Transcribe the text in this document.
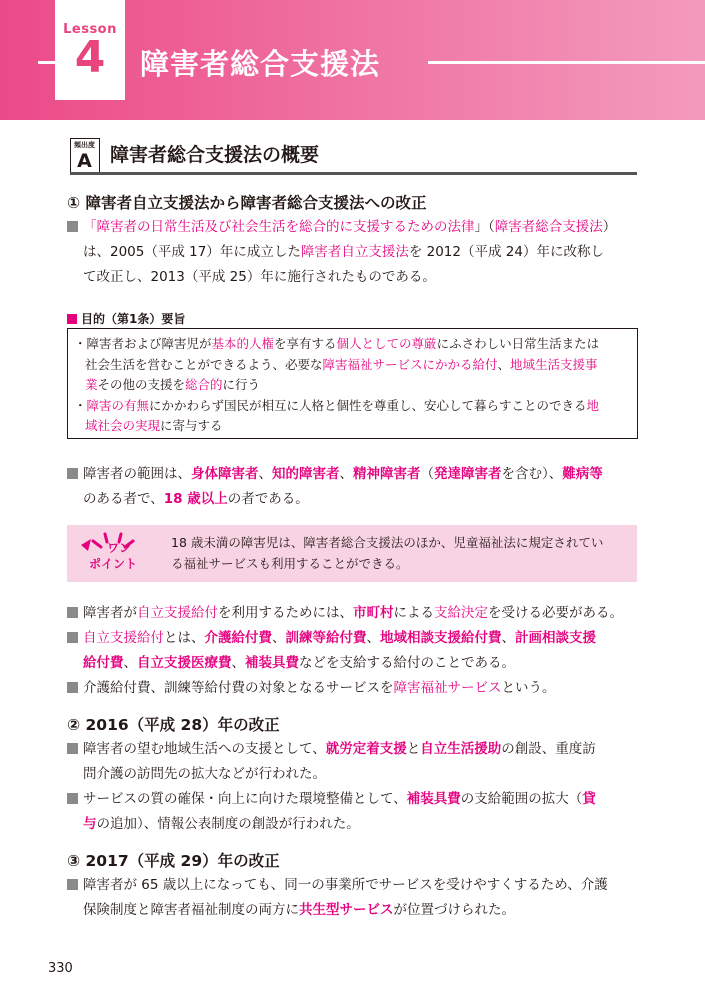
Lesson
4	障害者総合支援法
頻出度
A 障害者総合支援法の概要
① 障害者自立支援法から障害者総合支援法への改正
「障害者の日常生活及び社会生活を総合的に支援するための法律」（障害者総合支援法）
は、2005（平成 17）年に成立した障害者自立支援法を 2012（平成 24）年に改称し
て改正し、2013（平成 25）年に施行されたものである。
目的（第1条）要旨
・障害者および障害児が基本的人権を享有する個人としての尊厳にふさわしい日常生活または
社会生活を営むことができるよう、必要な障害福祉サービスにかかる給付、地域生活支援事
業その他の支援を総合的に行う
・障害の有無にかかわらず国民が相互に人格と個性を尊重し、安心して暮らすことのできる地
域社会の実現に寄与する
障害者の範囲は、身体障害者、知的障害者、精神障害者（発達障害者を含む）、難病等
のある者で、18 歳以上の者である。
ワン
ポイント
18 歳未満の障害児は、障害者総合支援法のほか、児童福祉法に規定されてい
る福祉サービスも利用することができる。
障害者が自立支援給付を利用するためには、市町村による支給決定を受ける必要がある。
自立支援給付とは、介護給付費、訓練等給付費、地域相談支援給付費、計画相談支援
給付費、自立支援医療費、補装具費などを支給する給付のことである。
介護給付費、訓練等給付費の対象となるサービスを障害福祉サービスという。
② 2016（平成 28）年の改正
障害者の望む地域生活への支援として、就労定着支援と自立生活援助の創設、重度訪
問介護の訪問先の拡大などが行われた。
サービスの質の確保・向上に向けた環境整備として、補装具費の支給範囲の拡大（貸
与の追加）、情報公表制度の創設が行われた。
③ 2017（平成 29）年の改正
障害者が 65 歳以上になっても、同一の事業所でサービスを受けやすくするため、介護
保険制度と障害者福祉制度の両方に共生型サービスが位置づけられた。
330
